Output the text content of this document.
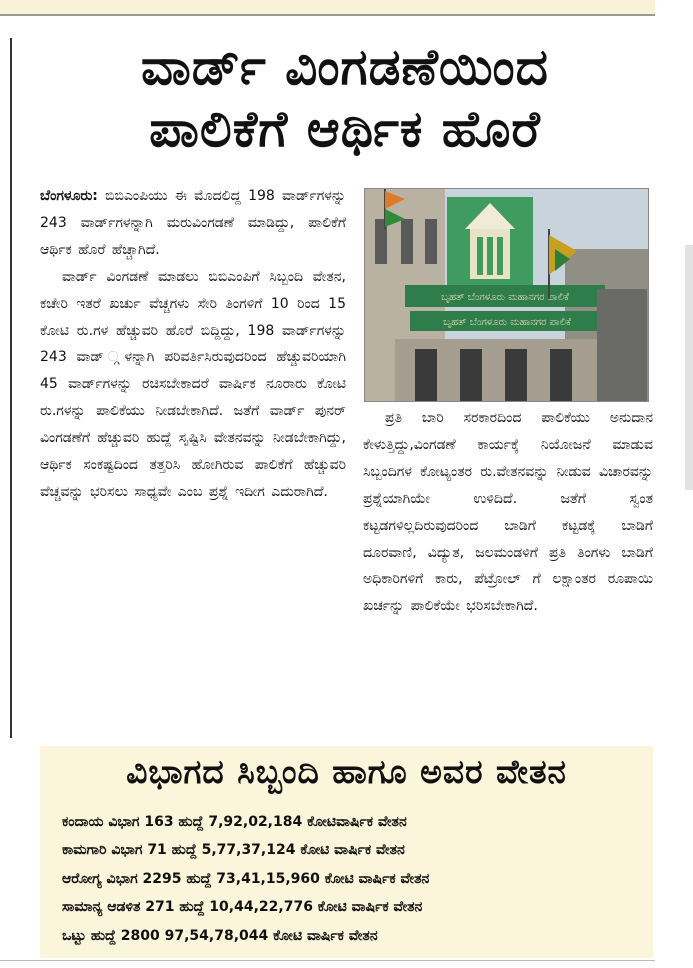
ವಾರ್ಡ್ ವಿಂಗಡಣೆಯಿಂದ
ಪಾಲಿಕೆಗೆ ಆರ್ಥಿಕ ಹೊರೆ

ಬೆಂಗಳೂರು: ಬಿಬಿಎಂಪಿಯು ಈ ಮೊದಲಿದ್ದ 198 ವಾರ್ಡ್‌ಗಳನ್ನು 243 ವಾರ್ಡ್‌ಗಳನ್ನಾಗಿ ಮರುವಿಂಗಡಣೆ ಮಾಡಿದ್ದು, ಪಾಲಿಕೆಗೆ ಆರ್ಥಿಕ ಹೊರೆ ಹೆಚ್ಚಾಗಿದೆ.

ವಾರ್ಡ್ ವಿಂಗಡಣೆ ಮಾಡಲು ಬಿಬಿಎಂಪಿಗೆ ಸಿಬ್ಬಂದಿ ವೇತನ, ಕಚೇರಿ ಇತರೆ ಖರ್ಚು ವೆಚ್ಚಗಳು ಸೇರಿ ತಿಂಗಳಿಗೆ 10 ರಿಂದ 15 ಕೋಟಿ ರು.ಗಳ ಹೆಚ್ಚುವರಿ ಹೊರೆ ಬಿದ್ದಿದ್ದು, 198 ವಾರ್ಡ್‌ಗಳನ್ನು 243 ವಾಡ್ ್ಗಳನ್ನಾಗಿ ಪರಿವರ್ತಿಸಿರುವುದರಿಂದ ಹೆಚ್ಚುವರಿಯಾಗಿ 45 ವಾರ್ಡ್‌ಗಳನ್ನು ರಚಿಸಬೇಕಾದರೆ ವಾರ್ಷಿಕ ನೂರಾರು ಕೋಟಿ ರು.ಗಳನ್ನು ಪಾಲಿಕೆಯು ನೀಡಬೇಕಾಗಿದೆ. ಜತೆಗೆ ವಾರ್ಡ್ ಪುನರ್ ವಿಂಗಡಣೆಗೆ ಹೆಚ್ಚುವರಿ ಹುದ್ದೆ ಸೃಷ್ಟಿಸಿ ವೇತನವನ್ನು ನೀಡಬೇಕಾಗಿದ್ದು, ಆರ್ಥಿಕ ಸಂಕಷ್ಟದಿಂದ ತತ್ತರಿಸಿ ಹೋಗಿರುವ ಪಾಲಿಕೆಗೆ ಹೆಚ್ಚುವರಿ ವೆಚ್ಚವನ್ನು ಭರಿಸಲು ಸಾಧ್ಯವೇ ಎಂಬ ಪ್ರಶ್ನೆ ಇದೀಗ ಎದುರಾಗಿದೆ.

ಬೃಹತ್ ಬೆಂಗಳೂರು ಮಹಾನಗರ ಪಾಲಿಕೆ
ಬೃಹತ್ ಬೆಂಗಳೂರು ಮಹಾನಗರ ಪಾಲಿಕೆ

ಪ್ರತಿ ಬಾರಿ ಸರಕಾರದಿಂದ ಪಾಲಿಕೆಯು ಅನುದಾನ ಕೇಳುತ್ತಿದ್ದು,ವಿಂಗಡಣೆ ಕಾರ್ಯಕ್ಕೆ ನಿಯೋಜನೆ ಮಾಡುವ ಸಿಬ್ಬಂದಿಗಳ ಕೋಟ್ಯಂತರ ರು.ವೇತನವನ್ನು ನೀಡುವ ವಿಚಾರವನ್ನು ಪ್ರಶ್ನೆಯಾಗಿಯೇ ಉಳಿದಿದೆ. ಜತೆಗೆ ಸ್ವಂತ ಕಟ್ಟಡಗಳಿಲ್ಲದಿರುವುದರಿಂದ ಬಾಡಿಗೆ ಕಟ್ಟಡಕ್ಕೆ ಬಾಡಿಗೆ ದೂರವಾಣಿ, ವಿದ್ಯುತ, ಜಲಮಂಡಳಿಗೆ ಪ್ರತಿ ತಿಂಗಳು ಬಾಡಿಗೆ ಅಧಿಕಾರಿಗಳಿಗೆ ಕಾರು, ಪೆಟ್ರೋಲ್ ಗೆ ಲಕ್ಷಾಂತರ ರೂಪಾಯಿ ಖರ್ಚನ್ನು ಪಾಲಿಕೆಯೇ ಭರಿಸಬೇಕಾಗಿದೆ.

ವಿಭಾಗದ ಸಿಬ್ಬಂದಿ ಹಾಗೂ ಅವರ ವೇತನ
ಕಂದಾಯ ವಿಭಾಗ 163 ಹುದ್ದೆ 7,92,02,184 ಕೋಟಿವಾರ್ಷಿಕ ವೇತನ
ಕಾಮಗಾರಿ ವಿಭಾಗ 71 ಹುದ್ದೆ 5,77,37,124 ಕೋಟಿ ವಾರ್ಷಿಕ ವೇತನ
ಆರೋಗ್ಯ ವಿಭಾಗ 2295 ಹುದ್ದೆ 73,41,15,960 ಕೋಟಿ ವಾರ್ಷಿಕ ವೇತನ
ಸಾಮಾನ್ಯ ಆಡಳಿತ 271 ಹುದ್ದೆ 10,44,22,776 ಕೋಟಿ ವಾರ್ಷಿಕ ವೇತನ
ಒಟ್ಟು ಹುದ್ದೆ 2800 97,54,78,044 ಕೋಟಿ ವಾರ್ಷಿಕ ವೇತನ
